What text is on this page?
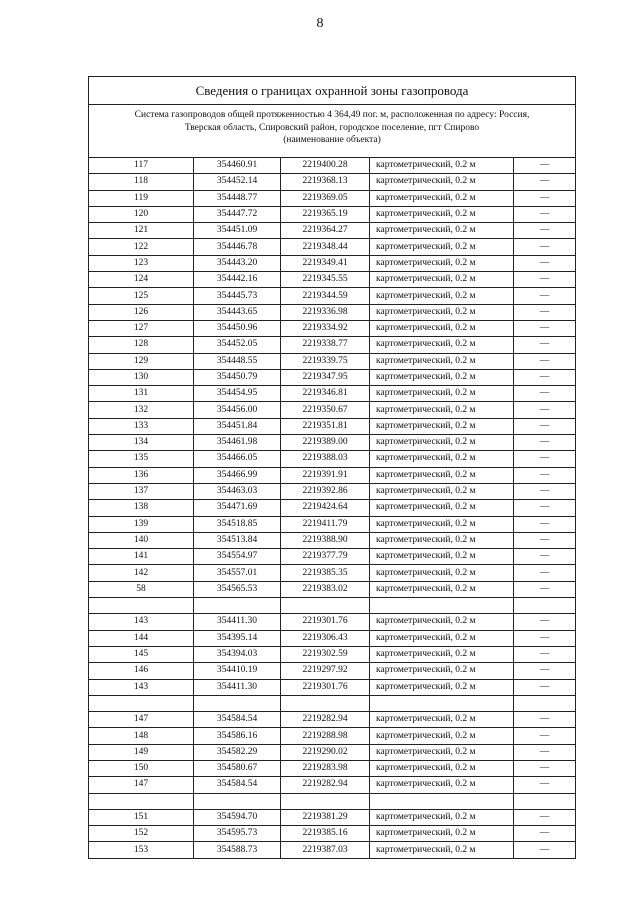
8
Сведения о границах охранной зоны газопровода
Система газопроводов общей протяженностью 4 364,49 пог. м, расположенная по адресу: Россия,
Тверская область, Спировский район, городское поселение, пгт Спирово
(наименование объекта)
117	354460.91	2219400.28	картометрический, 0.2 м	—
118	354452.14	2219368.13	картометрический, 0.2 м	—
119	354448.77	2219369.05	картометрический, 0.2 м	—
120	354447.72	2219365.19	картометрический, 0.2 м	—
121	354451.09	2219364.27	картометрический, 0.2 м	—
122	354446.78	2219348.44	картометрический, 0.2 м	—
123	354443.20	2219349.41	картометрический, 0.2 м	—
124	354442.16	2219345.55	картометрический, 0.2 м	—
125	354445.73	2219344.59	картометрический, 0.2 м	—
126	354443.65	2219336.98	картометрический, 0.2 м	—
127	354450.96	2219334.92	картометрический, 0.2 м	—
128	354452.05	2219338.77	картометрический, 0.2 м	—
129	354448.55	2219339.75	картометрический, 0.2 м	—
130	354450.79	2219347.95	картометрический, 0.2 м	—
131	354454.95	2219346.81	картометрический, 0.2 м	—
132	354456.00	2219350.67	картометрический, 0.2 м	—
133	354451.84	2219351.81	картометрический, 0.2 м	—
134	354461.98	2219389.00	картометрический, 0.2 м	—
135	354466.05	2219388.03	картометрический, 0.2 м	—
136	354466.99	2219391.91	картометрический, 0.2 м	—
137	354463.03	2219392.86	картометрический, 0.2 м	—
138	354471.69	2219424.64	картометрический, 0.2 м	—
139	354518.85	2219411.79	картометрический, 0.2 м	—
140	354513.84	2219388.90	картометрический, 0.2 м	—
141	354554.97	2219377.79	картометрический, 0.2 м	—
142	354557.01	2219385.35	картометрический, 0.2 м	—
58	354565.53	2219383.02	картометрический, 0.2 м	—

143	354411.30	2219301.76	картометрический, 0.2 м	—
144	354395.14	2219306.43	картометрический, 0.2 м	—
145	354394.03	2219302.59	картометрический, 0.2 м	—
146	354410.19	2219297.92	картометрический, 0.2 м	—
143	354411.30	2219301.76	картометрический, 0.2 м	—

147	354584.54	2219282.94	картометрический, 0.2 м	—
148	354586.16	2219288.98	картометрический, 0.2 м	—
149	354582.29	2219290.02	картометрический, 0.2 м	—
150	354580.67	2219283.98	картометрический, 0.2 м	—
147	354584.54	2219282.94	картометрический, 0.2 м	—

151	354594.70	2219381.29	картометрический, 0.2 м	—
152	354595.73	2219385.16	картометрический, 0.2 м	—
153	354588.73	2219387.03	картометрический, 0.2 м	—
